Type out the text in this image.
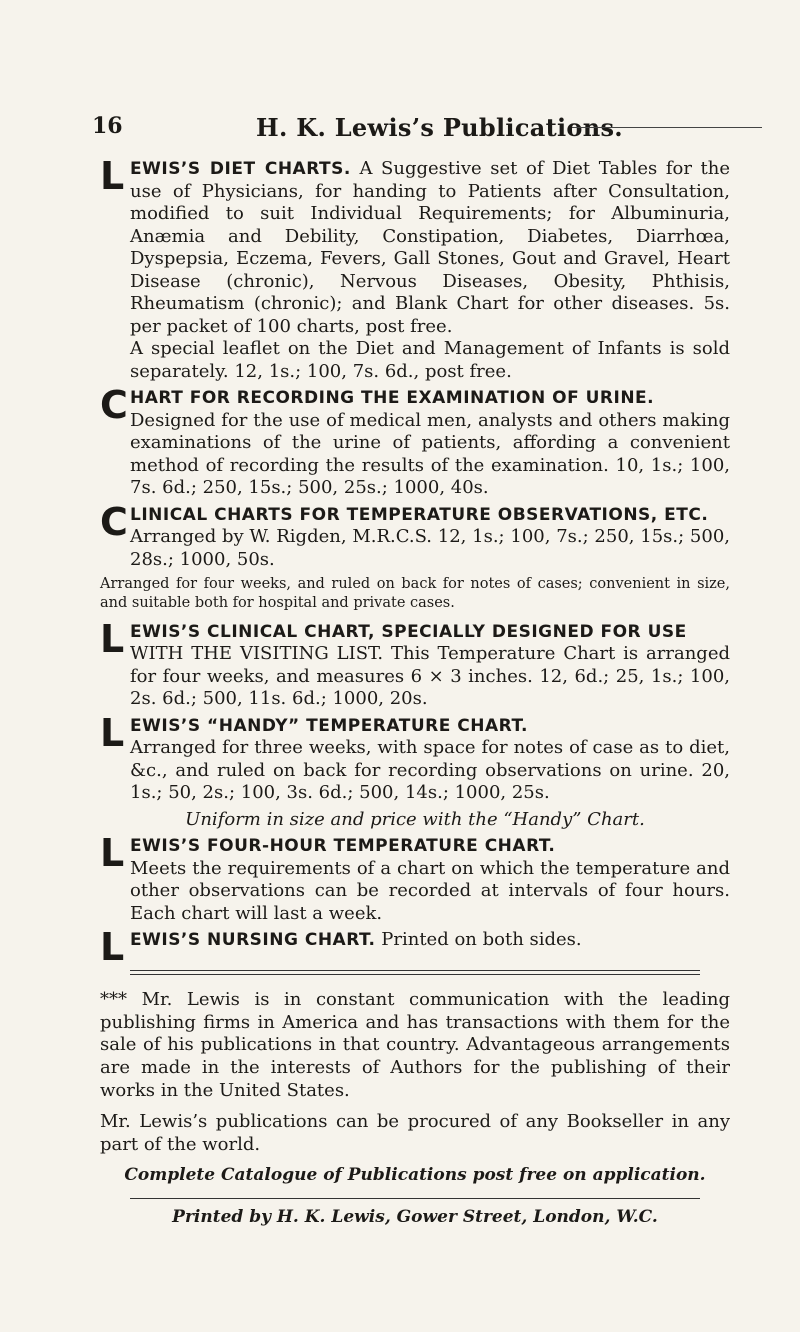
16	H. K. Lewis’s Publications.
L EWIS’S DIET CHARTS. A Suggestive set of Diet Tables for the use of Physicians, for handing to Patients after Consultation, modified to suit Individual Requirements; for Albuminuria, Anæmia and Debility, Constipation, Diabetes, Diarrhœa, Dyspepsia, Eczema, Fevers, Gall Stones, Gout and Gravel, Heart Disease (chronic), Nervous Diseases, Obesity, Phthisis, Rheumatism (chronic); and Blank Chart for other diseases. 5s. per packet of 100 charts, post free.

A special leaflet on the Diet and Management of Infants is sold separately. 12, 1s.; 100, 7s. 6d., post free.

C HART FOR RECORDING THE EXAMINATION OF URINE.
Designed for the use of medical men, analysts and others making examinations of the urine of patients, affording a convenient method of recording the results of the examination. 10, 1s.; 100, 7s. 6d.; 250, 15s.; 500, 25s.; 1000, 40s.

C LINICAL CHARTS FOR TEMPERATURE OBSERVATIONS, ETC.
Arranged by W. Rigden, M.R.C.S. 12, 1s.; 100, 7s.; 250, 15s.; 500, 28s.; 1000, 50s.

Arranged for four weeks, and ruled on back for notes of cases; convenient in size, and suitable both for hospital and private cases.

L EWIS’S CLINICAL CHART, SPECIALLY DESIGNED FOR USE
WITH THE VISITING LIST. This Temperature Chart is arranged for four weeks, and measures 6 × 3 inches. 12, 6d.; 25, 1s.; 100, 2s. 6d.; 500, 11s. 6d.; 1000, 20s.

L EWIS’S “HANDY” TEMPERATURE CHART.
Arranged for three weeks, with space for notes of case as to diet, &c., and ruled on back for recording observations on urine. 20, 1s.; 50, 2s.; 100, 3s. 6d.; 500, 14s.; 1000, 25s.

Uniform in size and price with the “Handy” Chart.

L EWIS’S FOUR-HOUR TEMPERATURE CHART.
Meets the requirements of a chart on which the temperature and other observations can be recorded at intervals of four hours. Each chart will last a week.

L EWIS’S NURSING CHART. Printed on both sides.

*** Mr. Lewis is in constant communication with the leading publishing firms in America and has transactions with them for the sale of his publications in that country. Advantageous arrangements are made in the interests of Authors for the publishing of their works in the United States.

Mr. Lewis’s publications can be procured of any Bookseller in any part of the world.

Complete Catalogue of Publications post free on application.
Printed by H. K. Lewis, Gower Street, London, W.C.
